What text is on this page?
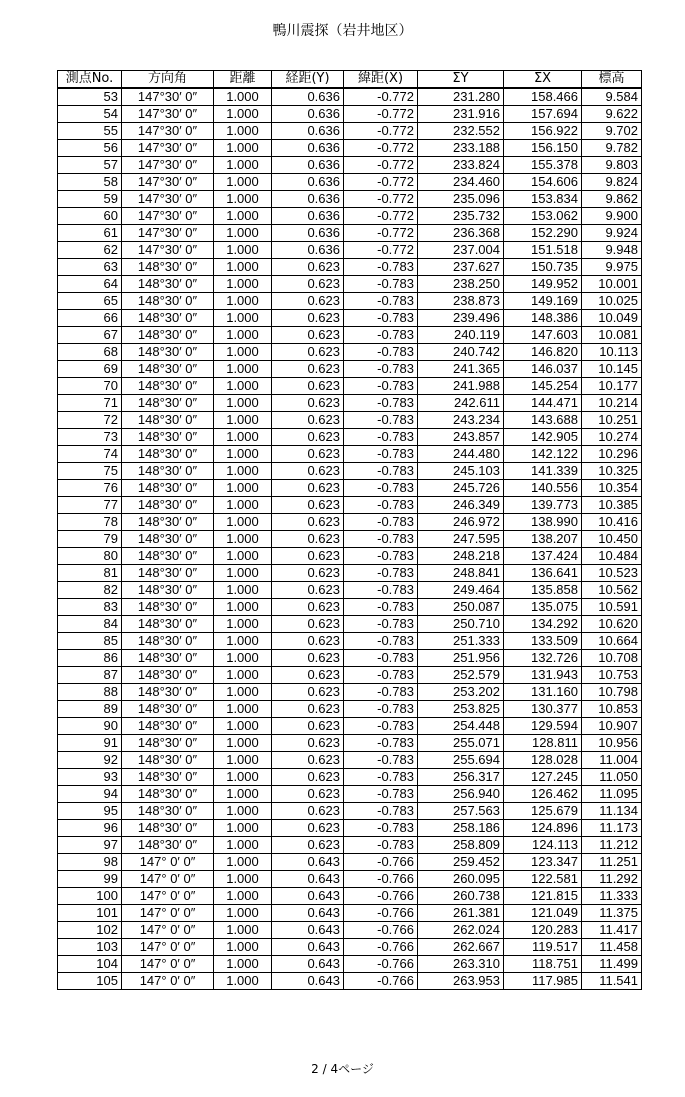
鴨川震探（岩井地区）
測点No.	方向角	距離	経距(Y)	緯距(X)	ΣY	ΣX	標高
53	147°30′ 0″	1.000	0.636	-0.772	231.280	158.466	9.584
54	147°30′ 0″	1.000	0.636	-0.772	231.916	157.694	9.622
55	147°30′ 0″	1.000	0.636	-0.772	232.552	156.922	9.702
56	147°30′ 0″	1.000	0.636	-0.772	233.188	156.150	9.782
57	147°30′ 0″	1.000	0.636	-0.772	233.824	155.378	9.803
58	147°30′ 0″	1.000	0.636	-0.772	234.460	154.606	9.824
59	147°30′ 0″	1.000	0.636	-0.772	235.096	153.834	9.862
60	147°30′ 0″	1.000	0.636	-0.772	235.732	153.062	9.900
61	147°30′ 0″	1.000	0.636	-0.772	236.368	152.290	9.924
62	147°30′ 0″	1.000	0.636	-0.772	237.004	151.518	9.948
63	148°30′ 0″	1.000	0.623	-0.783	237.627	150.735	9.975
64	148°30′ 0″	1.000	0.623	-0.783	238.250	149.952	10.001
65	148°30′ 0″	1.000	0.623	-0.783	238.873	149.169	10.025
66	148°30′ 0″	1.000	0.623	-0.783	239.496	148.386	10.049
67	148°30′ 0″	1.000	0.623	-0.783	240.119	147.603	10.081
68	148°30′ 0″	1.000	0.623	-0.783	240.742	146.820	10.113
69	148°30′ 0″	1.000	0.623	-0.783	241.365	146.037	10.145
70	148°30′ 0″	1.000	0.623	-0.783	241.988	145.254	10.177
71	148°30′ 0″	1.000	0.623	-0.783	242.611	144.471	10.214
72	148°30′ 0″	1.000	0.623	-0.783	243.234	143.688	10.251
73	148°30′ 0″	1.000	0.623	-0.783	243.857	142.905	10.274
74	148°30′ 0″	1.000	0.623	-0.783	244.480	142.122	10.296
75	148°30′ 0″	1.000	0.623	-0.783	245.103	141.339	10.325
76	148°30′ 0″	1.000	0.623	-0.783	245.726	140.556	10.354
77	148°30′ 0″	1.000	0.623	-0.783	246.349	139.773	10.385
78	148°30′ 0″	1.000	0.623	-0.783	246.972	138.990	10.416
79	148°30′ 0″	1.000	0.623	-0.783	247.595	138.207	10.450
80	148°30′ 0″	1.000	0.623	-0.783	248.218	137.424	10.484
81	148°30′ 0″	1.000	0.623	-0.783	248.841	136.641	10.523
82	148°30′ 0″	1.000	0.623	-0.783	249.464	135.858	10.562
83	148°30′ 0″	1.000	0.623	-0.783	250.087	135.075	10.591
84	148°30′ 0″	1.000	0.623	-0.783	250.710	134.292	10.620
85	148°30′ 0″	1.000	0.623	-0.783	251.333	133.509	10.664
86	148°30′ 0″	1.000	0.623	-0.783	251.956	132.726	10.708
87	148°30′ 0″	1.000	0.623	-0.783	252.579	131.943	10.753
88	148°30′ 0″	1.000	0.623	-0.783	253.202	131.160	10.798
89	148°30′ 0″	1.000	0.623	-0.783	253.825	130.377	10.853
90	148°30′ 0″	1.000	0.623	-0.783	254.448	129.594	10.907
91	148°30′ 0″	1.000	0.623	-0.783	255.071	128.811	10.956
92	148°30′ 0″	1.000	0.623	-0.783	255.694	128.028	11.004
93	148°30′ 0″	1.000	0.623	-0.783	256.317	127.245	11.050
94	148°30′ 0″	1.000	0.623	-0.783	256.940	126.462	11.095
95	148°30′ 0″	1.000	0.623	-0.783	257.563	125.679	11.134
96	148°30′ 0″	1.000	0.623	-0.783	258.186	124.896	11.173
97	148°30′ 0″	1.000	0.623	-0.783	258.809	124.113	11.212
98	147° 0′ 0″	1.000	0.643	-0.766	259.452	123.347	11.251
99	147° 0′ 0″	1.000	0.643	-0.766	260.095	122.581	11.292
100	147° 0′ 0″	1.000	0.643	-0.766	260.738	121.815	11.333
101	147° 0′ 0″	1.000	0.643	-0.766	261.381	121.049	11.375
102	147° 0′ 0″	1.000	0.643	-0.766	262.024	120.283	11.417
103	147° 0′ 0″	1.000	0.643	-0.766	262.667	119.517	11.458
104	147° 0′ 0″	1.000	0.643	-0.766	263.310	118.751	11.499
105	147° 0′ 0″	1.000	0.643	-0.766	263.953	117.985	11.541
2 / 4ページ
